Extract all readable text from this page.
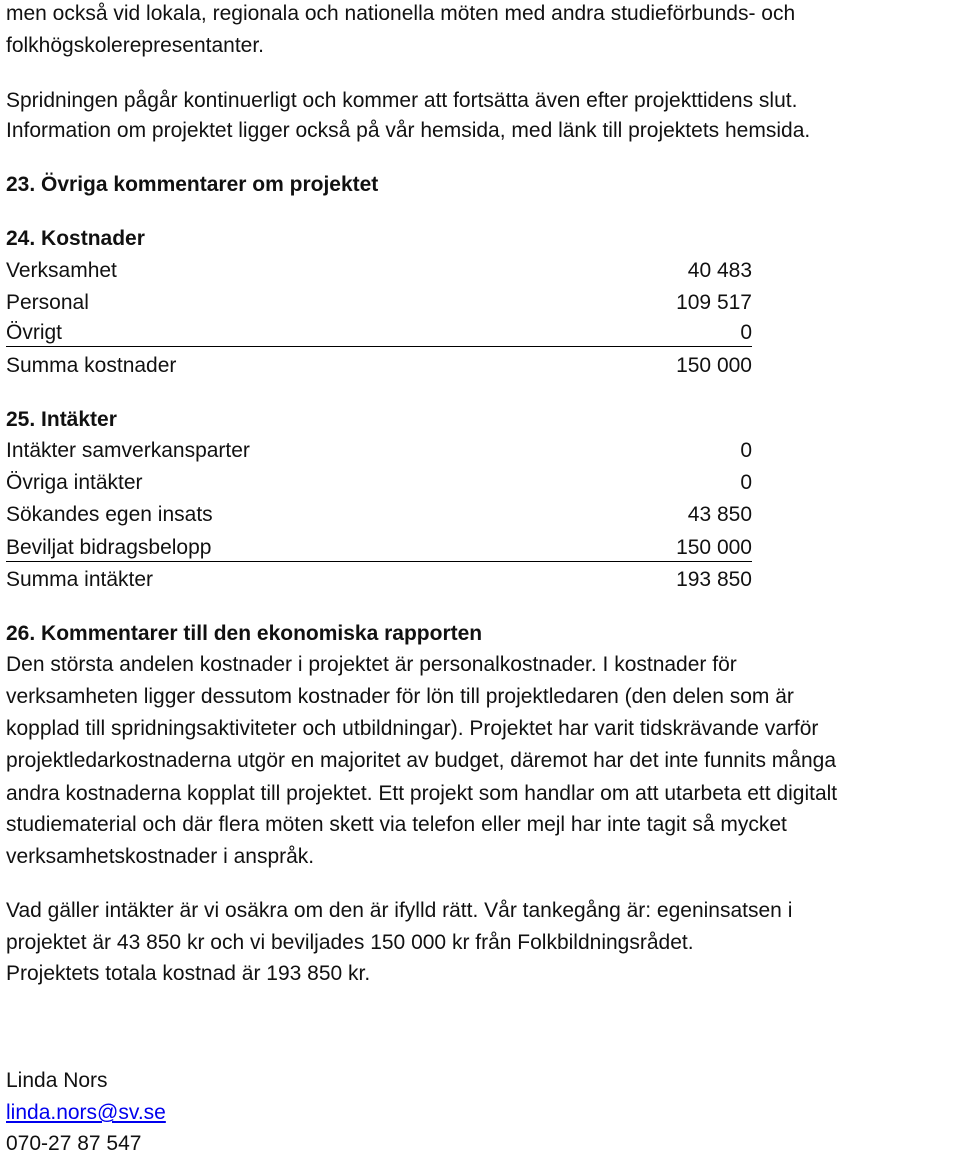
men också vid lokala, regionala och nationella möten med andra studieförbunds- och
folkhögskolerepresentanter.
Spridningen pågår kontinuerligt och kommer att fortsätta även efter projekttidens slut.
Information om projektet ligger också på vår hemsida, med länk till projektets hemsida.
23. Övriga kommentarer om projektet
24. Kostnader
Verksamhet	40 483
Personal	109 517
Övrigt	0
Summa kostnader	150 000
25. Intäkter
Intäkter samverkansparter	0
Övriga intäkter	0
Sökandes egen insats	43 850
Beviljat bidragsbelopp	150 000
Summa intäkter	193 850
26. Kommentarer till den ekonomiska rapporten
Den största andelen kostnader i projektet är personalkostnader. I kostnader för
verksamheten ligger dessutom kostnader för lön till projektledaren (den delen som är
kopplad till spridningsaktiviteter och utbildningar). Projektet har varit tidskrävande varför
projektledarkostnaderna utgör en majoritet av budget, däremot har det inte funnits många
andra kostnaderna kopplat till projektet. Ett projekt som handlar om att utarbeta ett digitalt
studiematerial och där flera möten skett via telefon eller mejl har inte tagit så mycket
verksamhetskostnader i anspråk.
Vad gäller intäkter är vi osäkra om den är ifylld rätt. Vår tankegång är: egeninsatsen i
projektet är 43 850 kr och vi beviljades 150 000 kr från Folkbildningsrådet.
Projektets totala kostnad är 193 850 kr.
Linda Nors
linda.nors@sv.se
070-27 87 547
